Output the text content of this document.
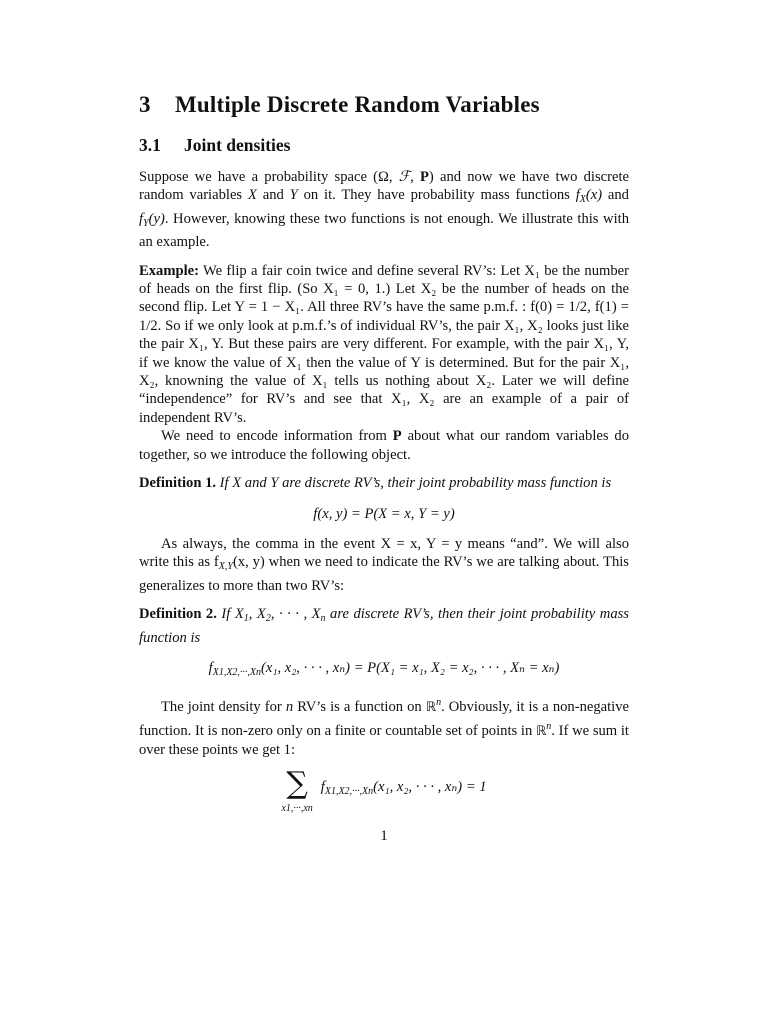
3 Multiple Discrete Random Variables
3.1 Joint densities

Suppose we have a probability space (Ω, ℱ, P) and now we have two discrete random variables X and Y on it. They have probability mass functions $f_X(x)$ and $f_Y(y)$. However, knowing these two functions is not enough. We illustrate this with an example.

Example: We flip a fair coin twice and define several RV’s: Let X₁ be the number of heads on the first flip. (So X₁ = 0, 1.) Let X₂ be the number of heads on the second flip. Let Y = 1 − X₁. All three RV’s have the same p.m.f. : f(0) = 1/2, f(1) = 1/2. So if we only look at p.m.f.’s of individual RV’s, the pair X₁, X₂ looks just like the pair X₁, Y. But these pairs are very different. For example, with the pair X₁, Y, if we know the value of X₁ then the value of Y is determined. But for the pair X₁, X₂, knowning the value of X₁ tells us nothing about X₂. Later we will define “independence” for RV’s and see that X₁, X₂ are an example of a pair of independent RV’s.

We need to encode information from P about what our random variables do together, so we introduce the following object.

Definition 1. If X and Y are discrete RV’s, their joint probability mass function is

f(x, y) = P(X = x, Y = y)

As always, the comma in the event X = x, Y = y means “and”. We will also write this as $f_{X,Y}(x$, y) when we need to indicate the RV’s we are talking about. This generalizes to more than two RV’s:

Definition 2. If $X_1$, $X_2$, · · · , $X_n$ are discrete RV’s, then their joint probability mass function is

$f_{X1,X2,\cdot\cdot\cdot,Xn}(x_1$, x₂, · · · , xₙ) = P(X₁ = x₁, X₂ = x₂, · · · , Xₙ = xₙ)

The joint density for n RV’s is a function on ℝ$^n$. Obviously, it is a non-negative function. It is non-zero only on a finite or countable set of points in ℝ$^n$. If we sum it over these points we get 1:

∑
x1,···,xn
$f_{X1,X2,\cdot\cdot\cdot,Xn}(x_1$, x₂, · · · , xₙ) = 1
1
